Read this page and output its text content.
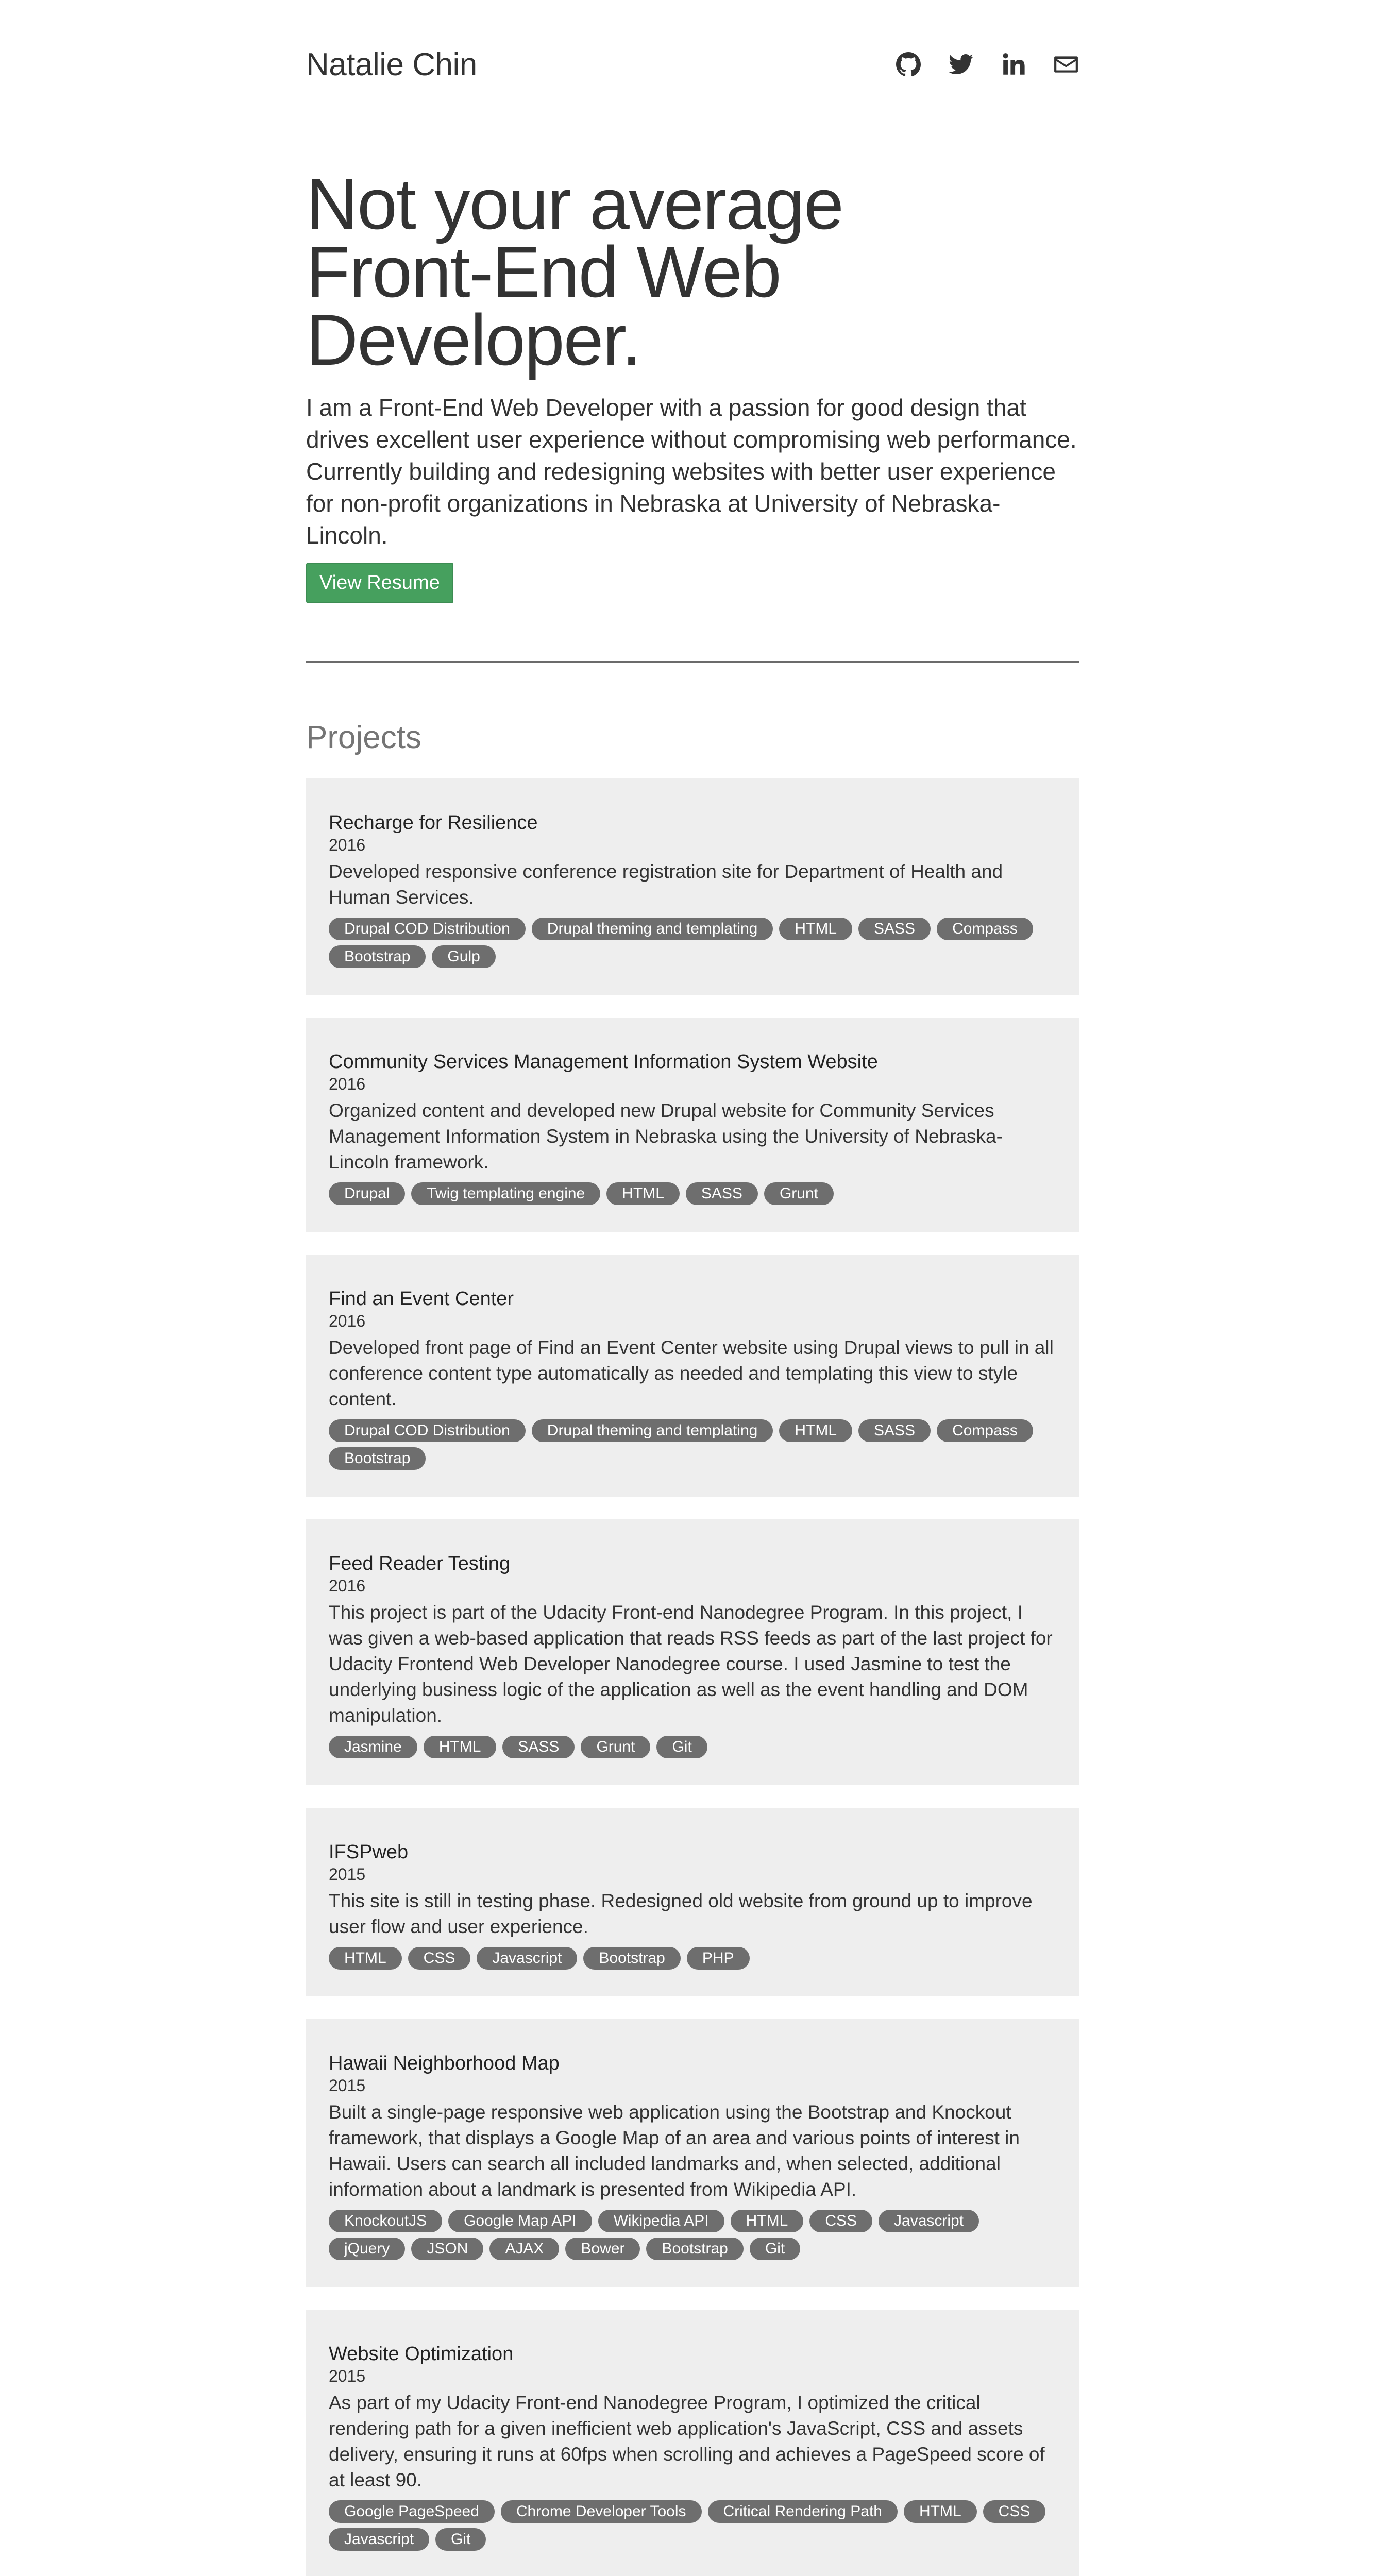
Natalie Chin
Not your average
Front-End Web Developer.

I am a Front-End Web Developer with a passion for good design that drives excellent user experience without compromising web performance. Currently building and redesigning websites with better user experience for non-profit organizations in Nebraska at University of Nebraska-Lincoln.

View Resume
Projects
Recharge for Resilience
2016
Developed responsive conference registration site for Department of Health and Human Services.
Drupal COD Distribution	Drupal theming and templating	HTML	SASS	Compass
Bootstrap	Gulp
Community Services Management Information System Website
2016
Organized content and developed new Drupal website for Community Services Management Information System in Nebraska using the University of Nebraska-Lincoln framework.
Drupal	Twig templating engine	HTML	SASS	Grunt
Find an Event Center
2016
Developed front page of Find an Event Center website using Drupal views to pull in all conference content type automatically as needed and templating this view to style content.
Drupal COD Distribution	Drupal theming and templating	HTML	SASS	Compass
Bootstrap
Feed Reader Testing
2016
This project is part of the Udacity Front-end Nanodegree Program. In this project, I was given a web-based application that reads RSS feeds as part of the last project for Udacity Frontend Web Developer Nanodegree course. I used Jasmine to test the underlying business logic of the application as well as the event handling and DOM manipulation.
Jasmine	HTML	SASS	Grunt	Git
IFSPweb
2015
This site is still in testing phase. Redesigned old website from ground up to improve user flow and user experience.
HTML	CSS	Javascript	Bootstrap	PHP
Hawaii Neighborhood Map
2015
Built a single-page responsive web application using the Bootstrap and Knockout framework, that displays a Google Map of an area and various points of interest in Hawaii. Users can search all included landmarks and, when selected, additional information about a landmark is presented from Wikipedia API.
KnockoutJS	Google Map API	Wikipedia API	HTML	CSS	Javascript
jQuery	JSON	AJAX	Bower	Bootstrap	Git
Website Optimization
2015
As part of my Udacity Front-end Nanodegree Program, I optimized the critical rendering path for a given inefficient web application's JavaScript, CSS and assets delivery, ensuring it runs at 60fps when scrolling and achieves a PageSpeed score of at least 90.
Google PageSpeed	Chrome Developer Tools	Critical Rendering Path	HTML	CSS
Javascript	Git
